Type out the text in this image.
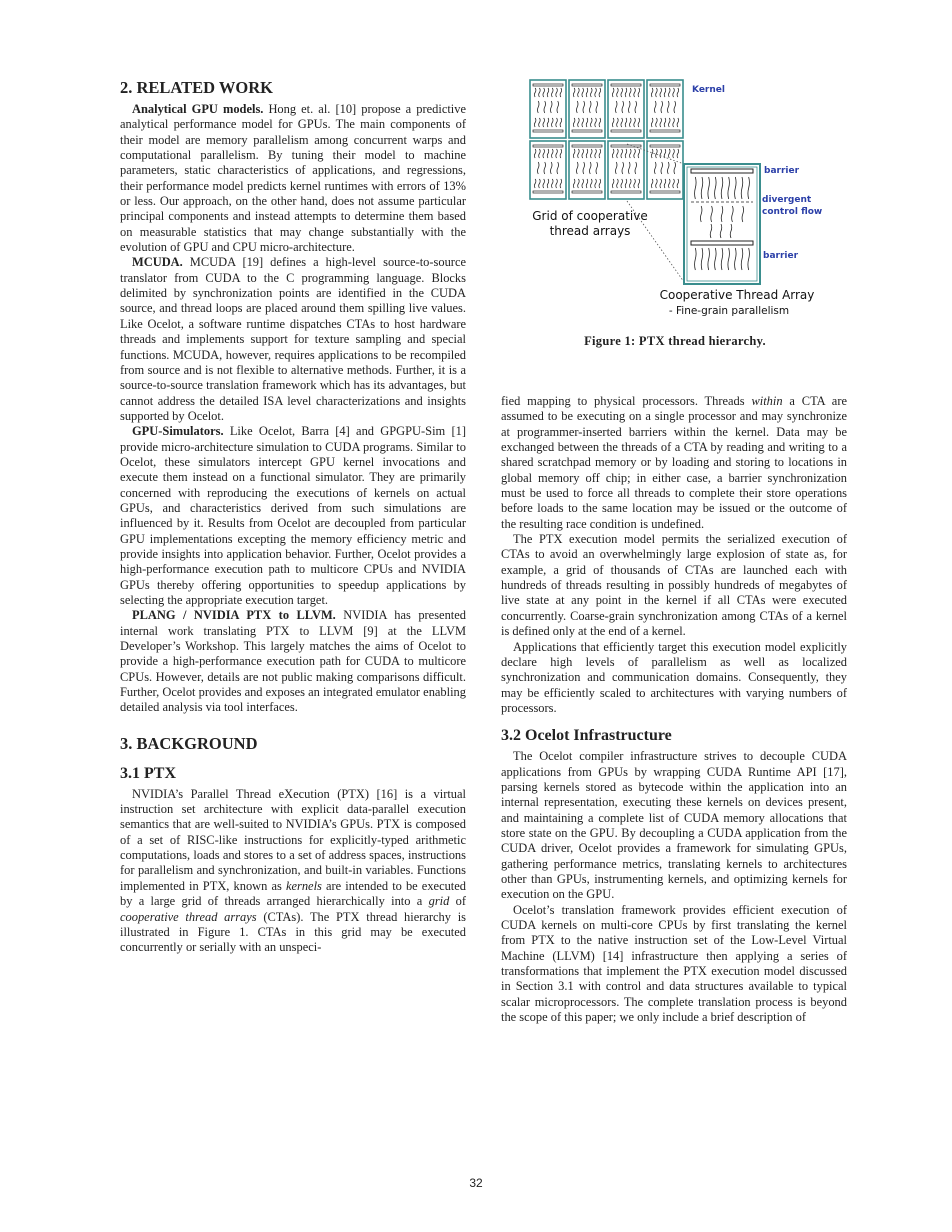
2. RELATED WORK

Analytical GPU models. Hong et. al. [10] propose a predictive analytical performance model for GPUs. The main components of their model are memory parallelism among concurrent warps and computational parallelism. By tuning their model to machine parameters, static characteristics of applications, and regressions, their performance model predicts kernel runtimes with errors of 13% or less. Our approach, on the other hand, does not assume particular principal components and instead attempts to determine them based on measurable statistics that may change substantially with the evolution of GPU and CPU micro-architecture.

MCUDA. MCUDA [19] defines a high-level source-to-source translator from CUDA to the C programming language. Blocks delimited by synchronization points are identified in the CUDA source, and thread loops are placed around them spilling live values. Like Ocelot, a software runtime dispatches CTAs to host hardware threads and implements support for texture sampling and special functions. MCUDA, however, requires applications to be recompiled from source and is not flexible to alternative methods. Further, it is a source-to-source translation framework which has its advantages, but cannot address the detailed ISA level characterizations and insights supported by Ocelot.

GPU-Simulators. Like Ocelot, Barra [4] and GPGPU-Sim [1] provide micro-architecture simulation to CUDA programs. Similar to Ocelot, these simulators intercept GPU kernel invocations and execute them instead on a functional simulator. They are primarily concerned with reproducing the executions of kernels on actual GPUs, and characteristics derived from such simulations are influenced by it. Results from Ocelot are decoupled from particular GPU implementations excepting the memory efficiency metric and provide insights into application behavior. Further, Ocelot provides a high-performance execution path to multicore CPUs and NVIDIA GPUs thereby offering opportunities to speedup applications by selecting the appropriate execution target.

PLANG / NVIDIA PTX to LLVM. NVIDIA has presented internal work translating PTX to LLVM [9] at the LLVM Developer’s Workshop. This largely matches the aims of Ocelot to provide a high-performance execution path for CUDA to multicore CPUs. However, details are not public making comparisons difficult. Further, Ocelot provides and exposes an integrated emulator enabling detailed analysis via tool interfaces.

3. BACKGROUND
3.1 PTX

NVIDIA’s Parallel Thread eXecution (PTX) [16] is a virtual instruction set architecture with explicit data-parallel execution semantics that are well-suited to NVIDIA’s GPUs. PTX is composed of a set of RISC-like instructions for explicitly-typed arithmetic computations, loads and stores to a set of address spaces, instructions for parallelism and synchronization, and built-in variables. Functions implemented in PTX, known as kernels are intended to be executed by a large grid of threads arranged hierarchically into a grid of cooperative thread arrays (CTAs). The PTX thread hierarchy is illustrated in Figure 1. CTAs in this grid may be executed concurrently or serially with an unspeci-

Kernel
barrier
divergent
control flow
barrier
Grid of cooperative
thread arrays
Cooperative Thread Array
- Fine-grain parallelism
Figure 1: PTX thread hierarchy.

fied mapping to physical processors. Threads within a CTA are assumed to be executing on a single processor and may synchronize at programmer-inserted barriers within the kernel. Data may be exchanged between the threads of a CTA by reading and writing to a shared scratchpad memory or by loading and storing to locations in global memory off chip; in either case, a barrier synchronization must be used to force all threads to complete their store operations before loads to the same location may be issued or the outcome of the resulting race condition is undefined.

The PTX execution model permits the serialized execution of CTAs to avoid an overwhelmingly large explosion of state as, for example, a grid of thousands of CTAs are launched each with hundreds of threads resulting in possibly hundreds of megabytes of live state at any point in the kernel if all CTAs were executed concurrently. Coarse-grain synchronization among CTAs of a kernel is defined only at the end of a kernel.

Applications that efficiently target this execution model explicitly declare high levels of parallelism as well as localized synchronization and communication domains. Consequently, they may be efficiently scaled to architectures with varying numbers of processors.

3.2 Ocelot Infrastructure

The Ocelot compiler infrastructure strives to decouple CUDA applications from GPUs by wrapping CUDA Runtime API [17], parsing kernels stored as bytecode within the application into an internal representation, executing these kernels on devices present, and maintaining a complete list of CUDA memory allocations that store state on the GPU. By decoupling a CUDA application from the CUDA driver, Ocelot provides a framework for simulating GPUs, gathering performance metrics, translating kernels to architectures other than GPUs, instrumenting kernels, and optimizing kernels for execution on the GPU.

Ocelot’s translation framework provides efficient execution of CUDA kernels on multi-core CPUs by first translating the kernel from PTX to the native instruction set of the Low-Level Virtual Machine (LLVM) [14] infrastructure then applying a series of transformations that implement the PTX execution model discussed in Section 3.1 with control and data structures available to typical scalar microprocessors. The complete translation process is beyond the scope of this paper; we only include a brief description of

32
